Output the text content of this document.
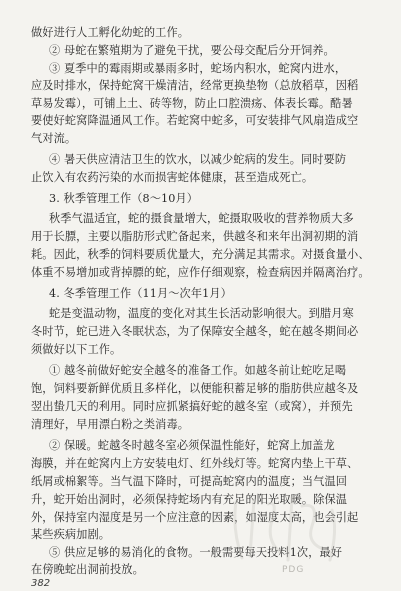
做好进行人工孵化幼蛇的工作。
② 母蛇在繁殖期为了避免干扰，要公母交配后分开饲养。
③ 夏季中的霉雨期或暴雨多时，蛇场内积水，蛇窝内进水，
应及时排水，保持蛇窝干燥清洁，经常更换垫物（总放稻草，因稻
草易发霉），可铺上土、砖等物，防止口腔溃疡、体表长霉。酷暑
要使好蛇窝降温通风工作。若蛇窝中蛇多，可安装排气风扇造成空
气对流。
④ 暑天供应清洁卫生的饮水，以减少蛇病的发生。同时要防
止饮入有农药污染的水而损害蛇体健康，甚至造成死亡。
3. 秋季管理工作（8～10月）
秋季气温适宜，蛇的摄食量增大，蛇摄取吸收的营养物质大多
用于长膘，主要以脂肪形式贮备起来，供越冬和来年出洞初期的消
耗。因此，秋季的饲料要质优量大，充分满足其需求。对摄食量小、
体重不易增加或背掉膘的蛇，应作仔细观察，检查病因并隔离治疗。
4. 冬季管理工作（11月～次年1月）
蛇是变温动物，温度的变化对其生长活动影响很大。到腊月寒
冬时节，蛇已进入冬眠状态，为了保障安全越冬，蛇在越冬期间必
须做好以下工作。
① 越冬前做好蛇安全越冬的准备工作。如越冬前让蛇吃足喝
饱，饲料要新鲜优质且多样化，以便能积蓄足够的脂肪供应越冬及
翌出蛰几天的利用。同时应抓紧搞好蛇的越冬室（或窝），并预先
清理好，早用漂白粉之类消毒。
② 保暖。蛇越冬时越冬室必须保温性能好，蛇窝上加盖龙
海膜，并在蛇窝内上方安装电灯、红外线灯等。蛇窝内垫上干草、
纸屑或棉絮等。当气温下降时，可提高蛇窝内的温度；当气温回
升，蛇开始出洞时，必须保持蛇场内有充足的阳光取暖。除保温
外，保持室内湿度是另一个应注意的因素，如湿度太高，也会引起
某些疾病加剧。
⑤ 供应足够的易消化的食物。一般需要每天投料1次，最好
在傍晚蛇出洞前投放。
382
PDG
